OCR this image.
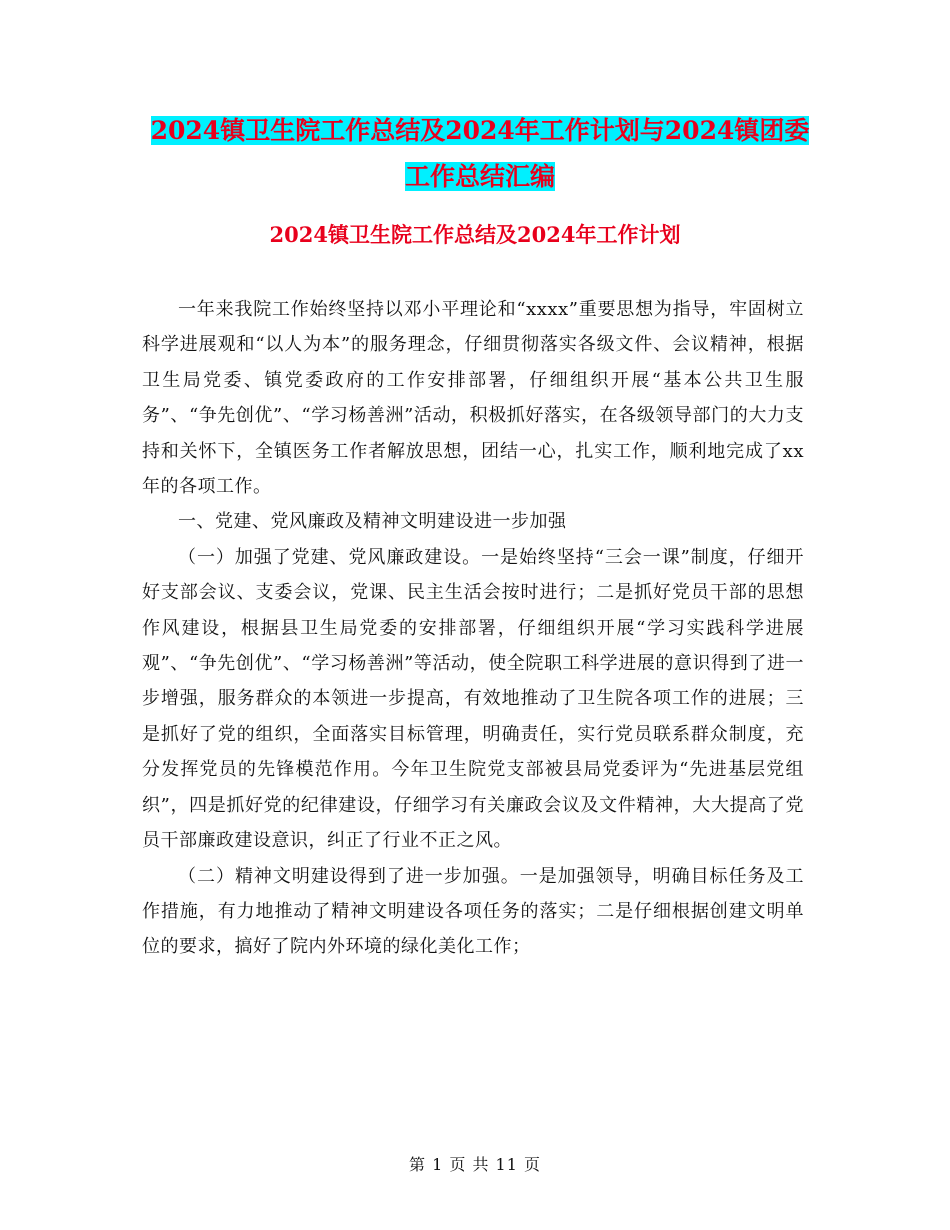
2024镇卫生院工作总结及2024年工作计划与2024镇团委工作总结汇编
2024镇卫生院工作总结及2024年工作计划

一年来我院工作始终坚持以邓小平理论和“xxxx”重要思想为指导，牢固树立科学进展观和“以人为本”的服务理念，仔细贯彻落实各级文件、会议精神，根据卫生局党委、镇党委政府的工作安排部署，仔细组织开展“基本公共卫生服务”、“争先创优”、“学习杨善洲”活动，积极抓好落实，在各级领导部门的大力支持和关怀下，全镇医务工作者解放思想，团结一心，扎实工作，顺利地完成了xx年的各项工作。

一、党建、党风廉政及精神文明建设进一步加强

（一）加强了党建、党风廉政建设。一是始终坚持“三会一课”制度，仔细开好支部会议、支委会议，党课、民主生活会按时进行；二是抓好党员干部的思想作风建设，根据县卫生局党委的安排部署，仔细组织开展“学习实践科学进展观”、“争先创优”、“学习杨善洲”等活动，使全院职工科学进展的意识得到了进一步增强，服务群众的本领进一步提高，有效地推动了卫生院各项工作的进展；三是抓好了党的组织，全面落实目标管理，明确责任，实行党员联系群众制度，充分发挥党员的先锋模范作用。今年卫生院党支部被县局党委评为“先进基层党组织”，四是抓好党的纪律建设，仔细学习有关廉政会议及文件精神，大大提高了党员干部廉政建设意识，纠正了行业不正之风。

（二）精神文明建设得到了进一步加强。一是加强领导，明确目标任务及工作措施，有力地推动了精神文明建设各项任务的落实；二是仔细根据创建文明单位的要求，搞好了院内外环境的绿化美化工作；

第 1 页 共 11 页
